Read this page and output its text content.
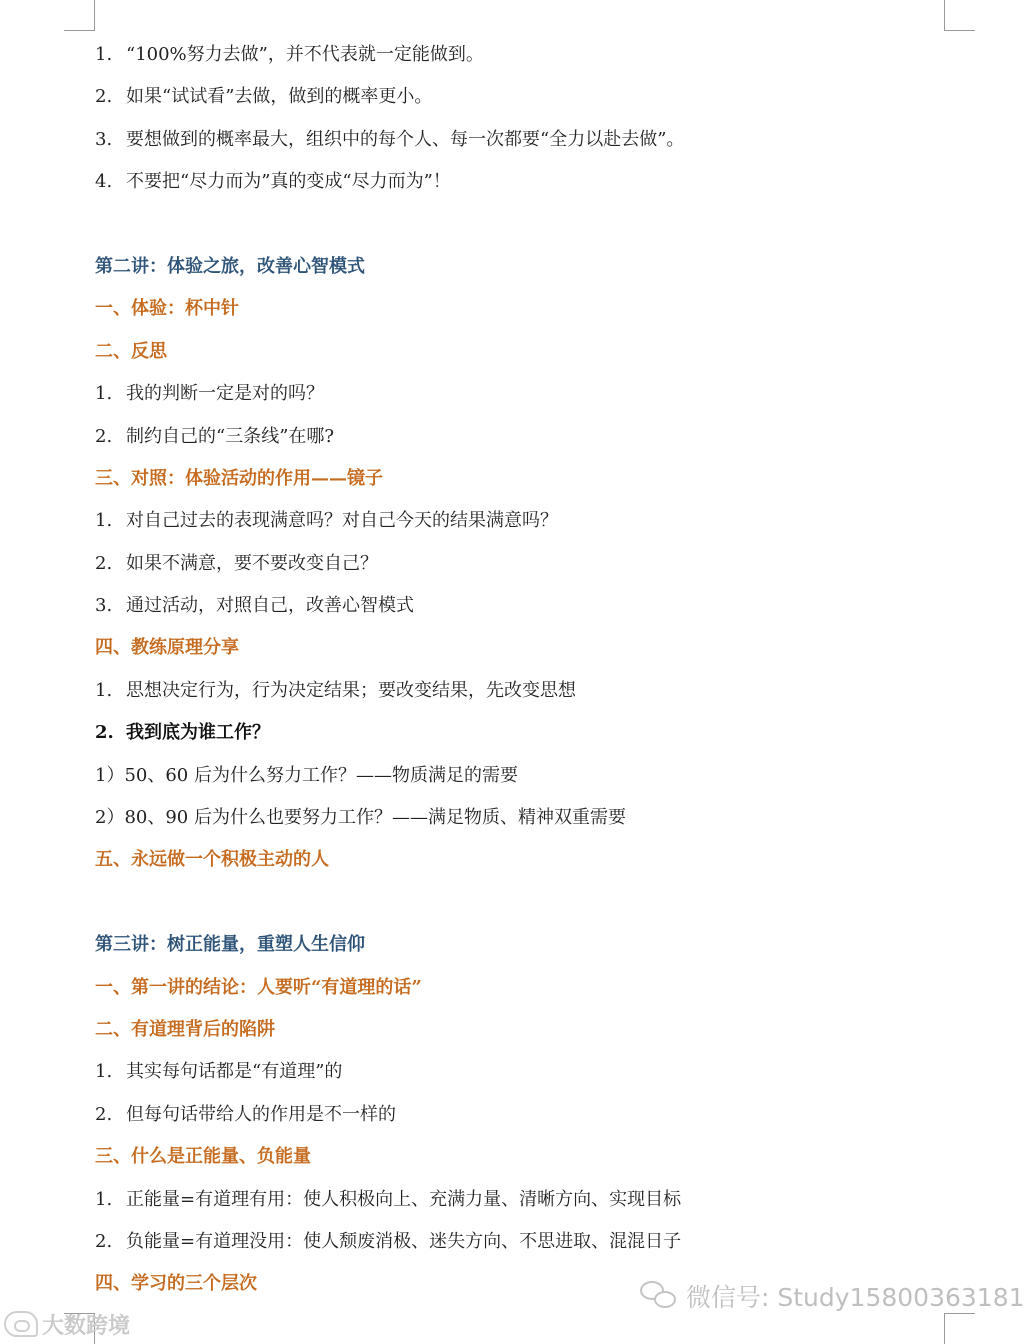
1. “100%努力去做”，并不代表就一定能做到。
2. 如果“试试看”去做，做到的概率更小。
3. 要想做到的概率最大，组织中的每个人、每一次都要“全力以赴去做”。
4. 不要把“尽力而为”真的变成“尽力而为”！
第二讲：体验之旅，改善心智模式
一、体验：杯中针
二、反思
1. 我的判断一定是对的吗？
2. 制约自己的“三条线”在哪?
三、对照：体验活动的作用——镜子
1. 对自己过去的表现满意吗？对自己今天的结果满意吗？
2. 如果不满意，要不要改变自己？
3. 通过活动，对照自己，改善心智模式
四、教练原理分享
1. 思想决定行为，行为决定结果；要改变结果，先改变思想
2. 我到底为谁工作？
1）50、60 后为什么努力工作？——物质满足的需要
2）80、90 后为什么也要努力工作？——满足物质、精神双重需要
五、永远做一个积极主动的人
第三讲：树正能量，重塑人生信仰
一、第一讲的结论：人要听“有道理的话”
二、有道理背后的陷阱
1. 其实每句话都是“有道理”的
2. 但每句话带给人的作用是不一样的
三、什么是正能量、负能量
1. 正能量=有道理有用：使人积极向上、充满力量、清晰方向、实现目标
2. 负能量=有道理没用：使人颓废消极、迷失方向、不思进取、混混日子
四、学习的三个层次	微信号: Study15800363181
大数跨境
